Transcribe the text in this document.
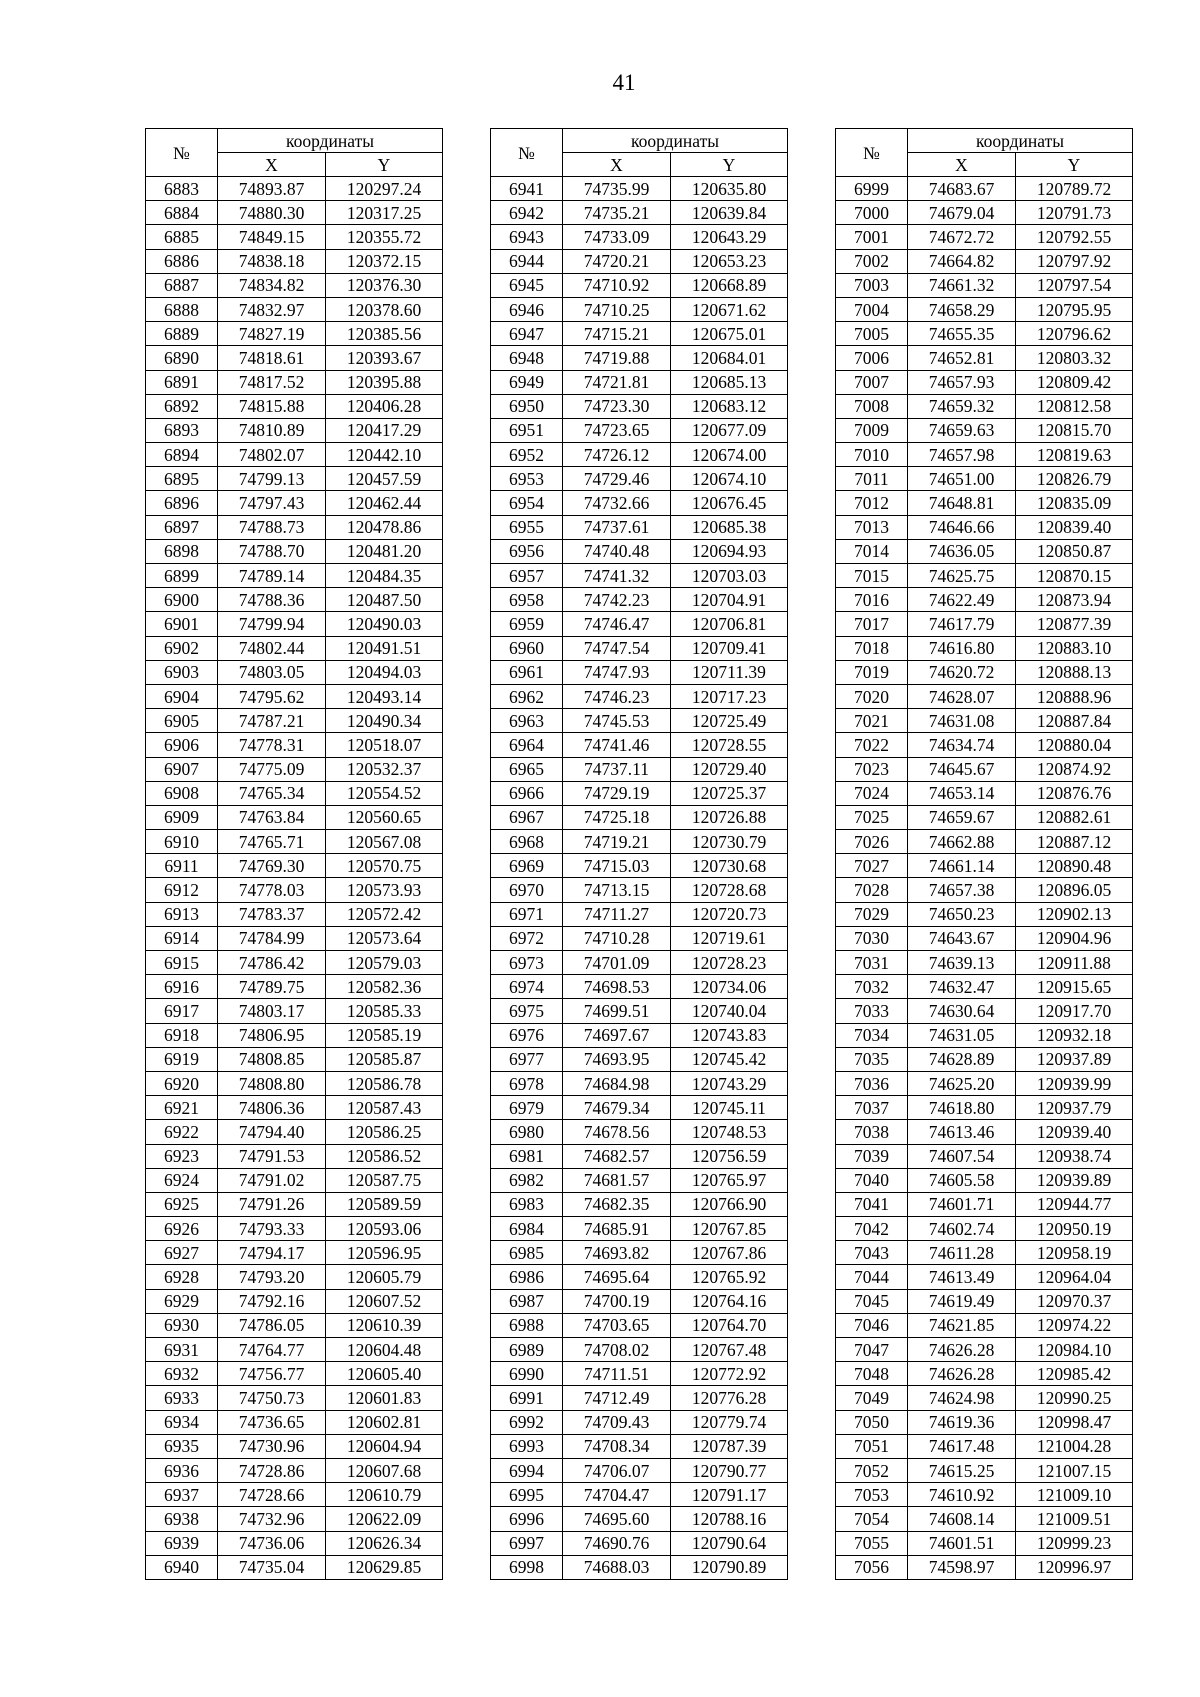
41
№	координаты	
	X	Y
6883	74893.87	120297.24
6884	74880.30	120317.25
6885	74849.15	120355.72
6886	74838.18	120372.15
6887	74834.82	120376.30
6888	74832.97	120378.60
6889	74827.19	120385.56
6890	74818.61	120393.67
6891	74817.52	120395.88
6892	74815.88	120406.28
6893	74810.89	120417.29
6894	74802.07	120442.10
6895	74799.13	120457.59
6896	74797.43	120462.44
6897	74788.73	120478.86
6898	74788.70	120481.20
6899	74789.14	120484.35
6900	74788.36	120487.50
6901	74799.94	120490.03
6902	74802.44	120491.51
6903	74803.05	120494.03
6904	74795.62	120493.14
6905	74787.21	120490.34
6906	74778.31	120518.07
6907	74775.09	120532.37
6908	74765.34	120554.52
6909	74763.84	120560.65
6910	74765.71	120567.08
6911	74769.30	120570.75
6912	74778.03	120573.93
6913	74783.37	120572.42
6914	74784.99	120573.64
6915	74786.42	120579.03
6916	74789.75	120582.36
6917	74803.17	120585.33
6918	74806.95	120585.19
6919	74808.85	120585.87
6920	74808.80	120586.78
6921	74806.36	120587.43
6922	74794.40	120586.25
6923	74791.53	120586.52
6924	74791.02	120587.75
6925	74791.26	120589.59
6926	74793.33	120593.06
6927	74794.17	120596.95
6928	74793.20	120605.79
6929	74792.16	120607.52
6930	74786.05	120610.39
6931	74764.77	120604.48
6932	74756.77	120605.40
6933	74750.73	120601.83
6934	74736.65	120602.81
6935	74730.96	120604.94
6936	74728.86	120607.68
6937	74728.66	120610.79
6938	74732.96	120622.09
6939	74736.06	120626.34
6940	74735.04	120629.85
№	координаты	
	X	Y
6941	74735.99	120635.80
6942	74735.21	120639.84
6943	74733.09	120643.29
6944	74720.21	120653.23
6945	74710.92	120668.89
6946	74710.25	120671.62
6947	74715.21	120675.01
6948	74719.88	120684.01
6949	74721.81	120685.13
6950	74723.30	120683.12
6951	74723.65	120677.09
6952	74726.12	120674.00
6953	74729.46	120674.10
6954	74732.66	120676.45
6955	74737.61	120685.38
6956	74740.48	120694.93
6957	74741.32	120703.03
6958	74742.23	120704.91
6959	74746.47	120706.81
6960	74747.54	120709.41
6961	74747.93	120711.39
6962	74746.23	120717.23
6963	74745.53	120725.49
6964	74741.46	120728.55
6965	74737.11	120729.40
6966	74729.19	120725.37
6967	74725.18	120726.88
6968	74719.21	120730.79
6969	74715.03	120730.68
6970	74713.15	120728.68
6971	74711.27	120720.73
6972	74710.28	120719.61
6973	74701.09	120728.23
6974	74698.53	120734.06
6975	74699.51	120740.04
6976	74697.67	120743.83
6977	74693.95	120745.42
6978	74684.98	120743.29
6979	74679.34	120745.11
6980	74678.56	120748.53
6981	74682.57	120756.59
6982	74681.57	120765.97
6983	74682.35	120766.90
6984	74685.91	120767.85
6985	74693.82	120767.86
6986	74695.64	120765.92
6987	74700.19	120764.16
6988	74703.65	120764.70
6989	74708.02	120767.48
6990	74711.51	120772.92
6991	74712.49	120776.28
6992	74709.43	120779.74
6993	74708.34	120787.39
6994	74706.07	120790.77
6995	74704.47	120791.17
6996	74695.60	120788.16
6997	74690.76	120790.64
6998	74688.03	120790.89
№	координаты	
	X	Y
6999	74683.67	120789.72
7000	74679.04	120791.73
7001	74672.72	120792.55
7002	74664.82	120797.92
7003	74661.32	120797.54
7004	74658.29	120795.95
7005	74655.35	120796.62
7006	74652.81	120803.32
7007	74657.93	120809.42
7008	74659.32	120812.58
7009	74659.63	120815.70
7010	74657.98	120819.63
7011	74651.00	120826.79
7012	74648.81	120835.09
7013	74646.66	120839.40
7014	74636.05	120850.87
7015	74625.75	120870.15
7016	74622.49	120873.94
7017	74617.79	120877.39
7018	74616.80	120883.10
7019	74620.72	120888.13
7020	74628.07	120888.96
7021	74631.08	120887.84
7022	74634.74	120880.04
7023	74645.67	120874.92
7024	74653.14	120876.76
7025	74659.67	120882.61
7026	74662.88	120887.12
7027	74661.14	120890.48
7028	74657.38	120896.05
7029	74650.23	120902.13
7030	74643.67	120904.96
7031	74639.13	120911.88
7032	74632.47	120915.65
7033	74630.64	120917.70
7034	74631.05	120932.18
7035	74628.89	120937.89
7036	74625.20	120939.99
7037	74618.80	120937.79
7038	74613.46	120939.40
7039	74607.54	120938.74
7040	74605.58	120939.89
7041	74601.71	120944.77
7042	74602.74	120950.19
7043	74611.28	120958.19
7044	74613.49	120964.04
7045	74619.49	120970.37
7046	74621.85	120974.22
7047	74626.28	120984.10
7048	74626.28	120985.42
7049	74624.98	120990.25
7050	74619.36	120998.47
7051	74617.48	121004.28
7052	74615.25	121007.15
7053	74610.92	121009.10
7054	74608.14	121009.51
7055	74601.51	120999.23
7056	74598.97	120996.97
